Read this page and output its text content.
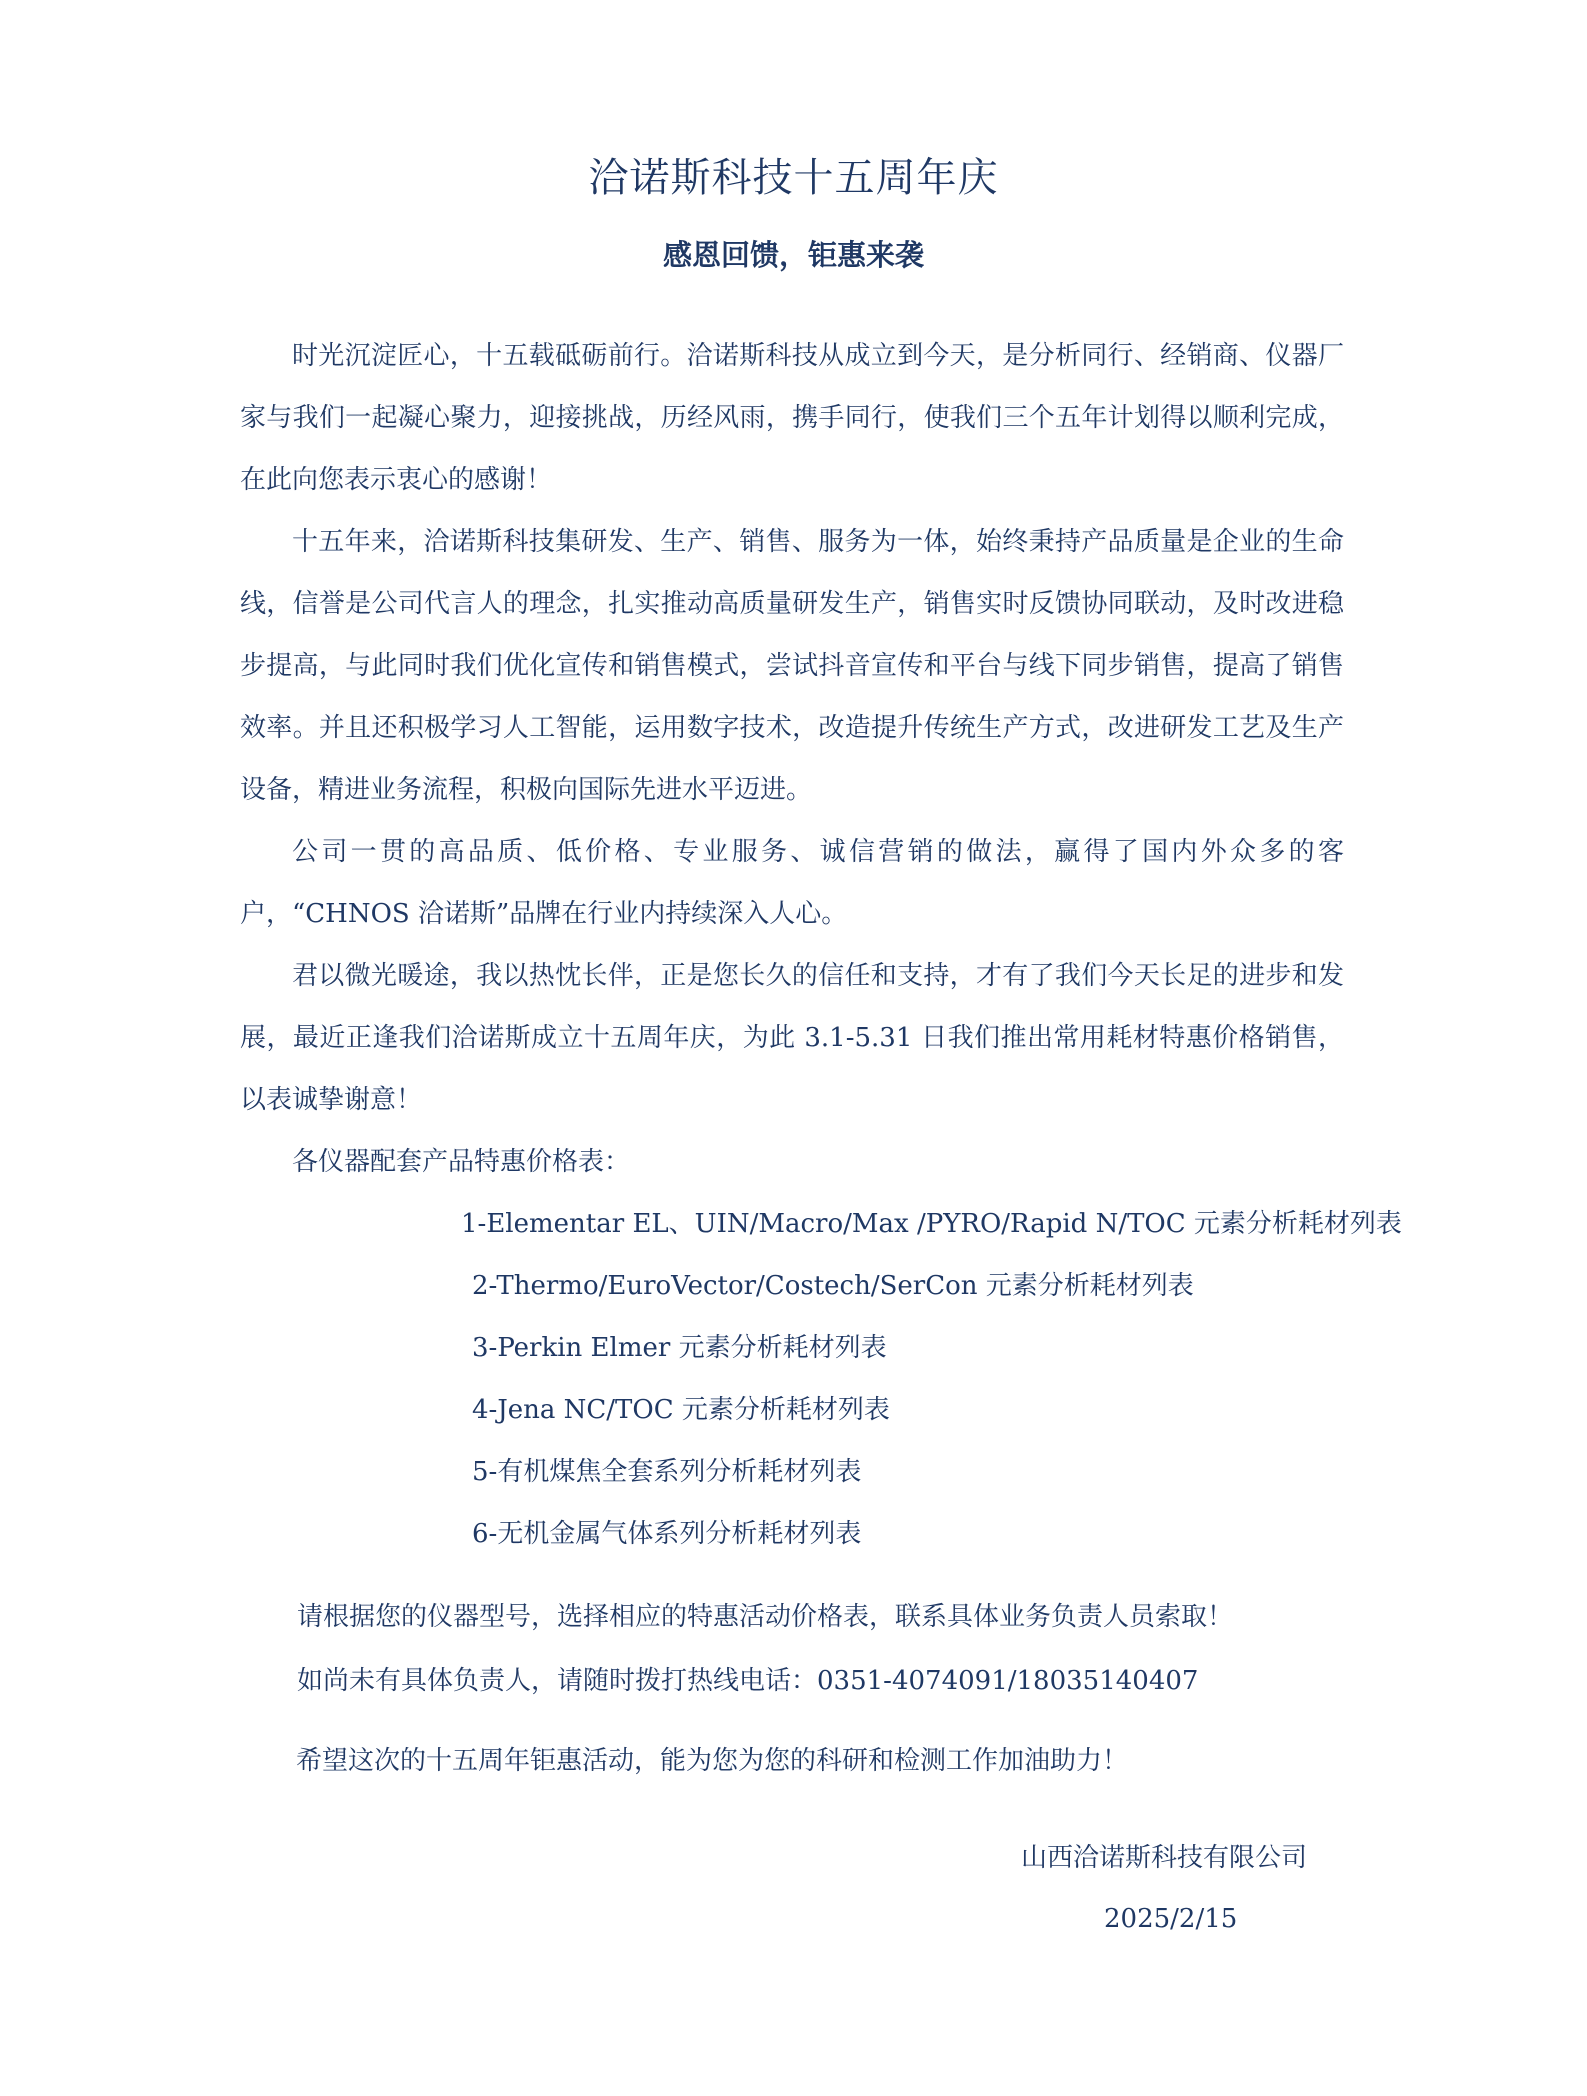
洽诺斯科技十五周年庆
感恩回馈，钜惠来袭

时光沉淀匠心，十五载砥砺前行。洽诺斯科技从成立到今天，是分析同行、经销商、仪器厂家与我们一起凝心聚力，迎接挑战，历经风雨，携手同行，使我们三个五年计划得以顺利完成，在此向您表示衷心的感谢！

十五年来，洽诺斯科技集研发、生产、销售、服务为一体，始终秉持产品质量是企业的生命线，信誉是公司代言人的理念，扎实推动高质量研发生产，销售实时反馈协同联动，及时改进稳步提高，与此同时我们优化宣传和销售模式，尝试抖音宣传和平台与线下同步销售，提高了销售效率。并且还积极学习人工智能，运用数字技术，改造提升传统生产方式，改进研发工艺及生产设备，精进业务流程，积极向国际先进水平迈进。

公司一贯的高品质、低价格、专业服务、诚信营销的做法，赢得了国内外众多的客户，“CHNOS 洽诺斯”品牌在行业内持续深入人心。

君以微光暖途，我以热忱长伴，正是您长久的信任和支持，才有了我们今天长足的进步和发展，最近正逢我们洽诺斯成立十五周年庆，为此 3.1-5.31 日我们推出常用耗材特惠价格销售，以表诚挚谢意！

各仪器配套产品特惠价格表：
1-Elementar EL、UIN/Macro/Max /PYRO/Rapid N/TOC 元素分析耗材列表
2-Thermo/EuroVector/Costech/SerCon 元素分析耗材列表
3-Perkin Elmer 元素分析耗材列表
4-Jena NC/TOC 元素分析耗材列表
5-有机煤焦全套系列分析耗材列表
6-无机金属气体系列分析耗材列表
请根据您的仪器型号，选择相应的特惠活动价格表，联系具体业务负责人员索取！
如尚未有具体负责人，请随时拨打热线电话：0351-4074091/18035140407
希望这次的十五周年钜惠活动，能为您为您的科研和检测工作加油助力！
山西洽诺斯科技有限公司
2025/2/15
